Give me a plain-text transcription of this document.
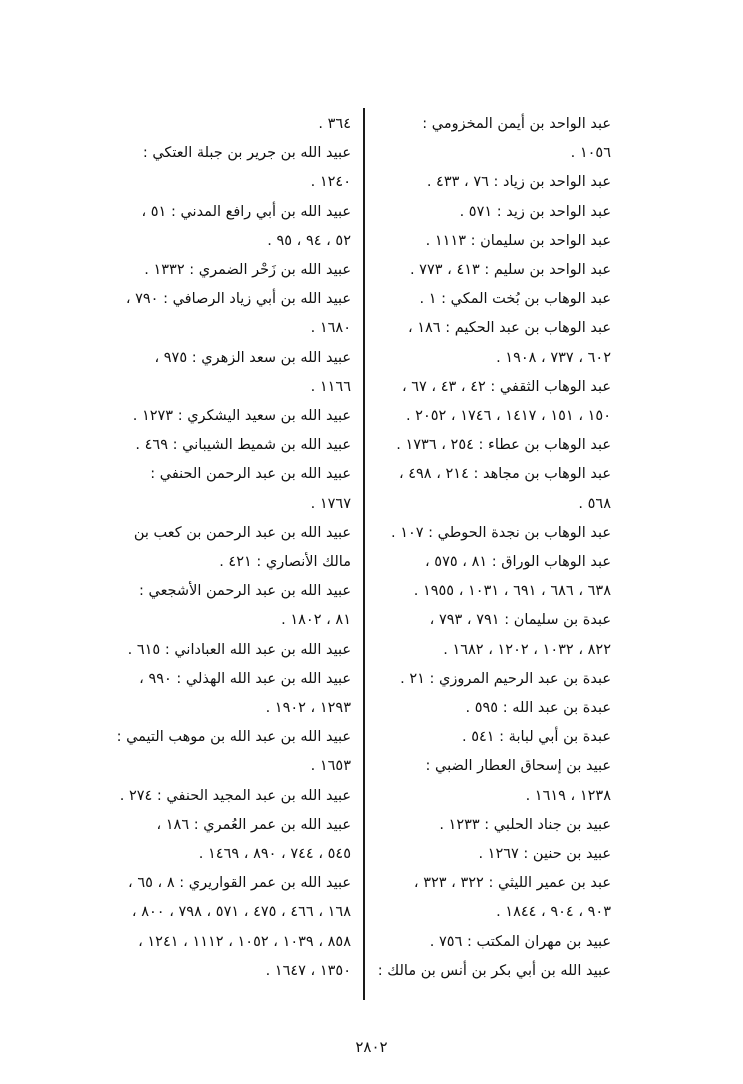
عبد الواحد بن أيمن المخزومي :
١٠٥٦ .
عبد الواحد بن زياد : ٧٦ ، ٤٣٣ .
عبد الواحد بن زيد : ٥٧١ .
عبد الواحد بن سليمان : ١١١٣ .
عبد الواحد بن سليم : ٤١٣ ، ٧٧٣ .
عبد الوهاب بن بُخت المكي : ١ .
عبد الوهاب بن عبد الحكيم : ١٨٦ ،
٦٠٢ ، ٧٣٧ ، ١٩٠٨ .
عبد الوهاب الثقفي : ٤٢ ، ٤٣ ، ٦٧ ،
١٥٠ ، ١٥١ ، ١٤١٧ ، ١٧٤٦ ، ٢٠٥٢ .
عبد الوهاب بن عطاء : ٢٥٤ ، ١٧٣٦ .
عبد الوهاب بن مجاهد : ٢١٤ ، ٤٩٨ ،
٥٦٨ .
عبد الوهاب بن نجدة الحوطي : ١٠٧ .
عبد الوهاب الوراق : ٨١ ، ٥٧٥ ،
٦٣٨ ، ٦٨٦ ، ٦٩١ ، ١٠٣١ ، ١٩٥٥ .
عبدة بن سليمان : ٧٩١ ، ٧٩٣ ،
٨٢٢ ، ١٠٣٢ ، ١٢٠٢ ، ١٦٨٢ .
عبدة بن عبد الرحيم المروزي : ٢١ .
عبدة بن عبد الله : ٥٩٥ .
عبدة بن أبي لبابة : ٥٤١ .
عبيد بن إسحاق العطار الضبي :
١٢٣٨ ، ١٦١٩ .
عبيد بن جناد الحلبي : ١٢٣٣ .
عبيد بن حنين : ١٢٦٧ .
عبد بن عمير الليثي : ٣٢٢ ، ٣٢٣ ،
٩٠٣ ، ٩٠٤ ، ١٨٤٤ .
عبيد بن مهران المكتب : ٧٥٦ .
عبيد الله بن أبي بكر بن أنس بن مالك :
٣٦٤ .
عبيد الله بن جرير بن جبلة العتكي :
١٢٤٠ .
عبيد الله بن أبي رافع المدني : ٥١ ،
٥٢ ، ٩٤ ، ٩٥ .
عبيد الله بن زَحْر الضمري : ١٣٣٢ .
عبيد الله بن أبي زياد الرصافي : ٧٩٠ ،
١٦٨٠ .
عبيد الله بن سعد الزهري : ٩٧٥ ،
١١٦٦ .
عبيد الله بن سعيد اليشكري : ١٢٧٣ .
عبيد الله بن شميط الشيباني : ٤٦٩ .
عبيد الله بن عبد الرحمن الحنفي :
١٧٦٧ .
عبيد الله بن عبد الرحمن بن كعب بن
مالك الأنصاري : ٤٢١ .
عبيد الله بن عبد الرحمن الأشجعي :
٨١ ، ١٨٠٢ .
عبيد الله بن عبد الله العباداني : ٦١٥ .
عبيد الله بن عبد الله الهذلي : ٩٩٠ ،
١٢٩٣ ، ١٩٠٢ .
عبيد الله بن عبد الله بن موهب التيمي :
١٦٥٣ .
عبيد الله بن عبد المجيد الحنفي : ٢٧٤ .
عبيد الله بن عمر العُمري : ١٨٦ ،
٥٤٥ ، ٧٤٤ ، ٨٩٠ ، ١٤٦٩ .
عبيد الله بن عمر القواريري : ٨ ، ٦٥ ،
١٦٨ ، ٤٦٦ ، ٤٧٥ ، ٥٧١ ، ٧٩٨ ، ٨٠٠ ،
٨٥٨ ، ١٠٣٩ ، ١٠٥٢ ، ١١١٢ ، ١٢٤١ ،
١٣٥٠ ، ١٦٤٧ .
٢٨٠٢
